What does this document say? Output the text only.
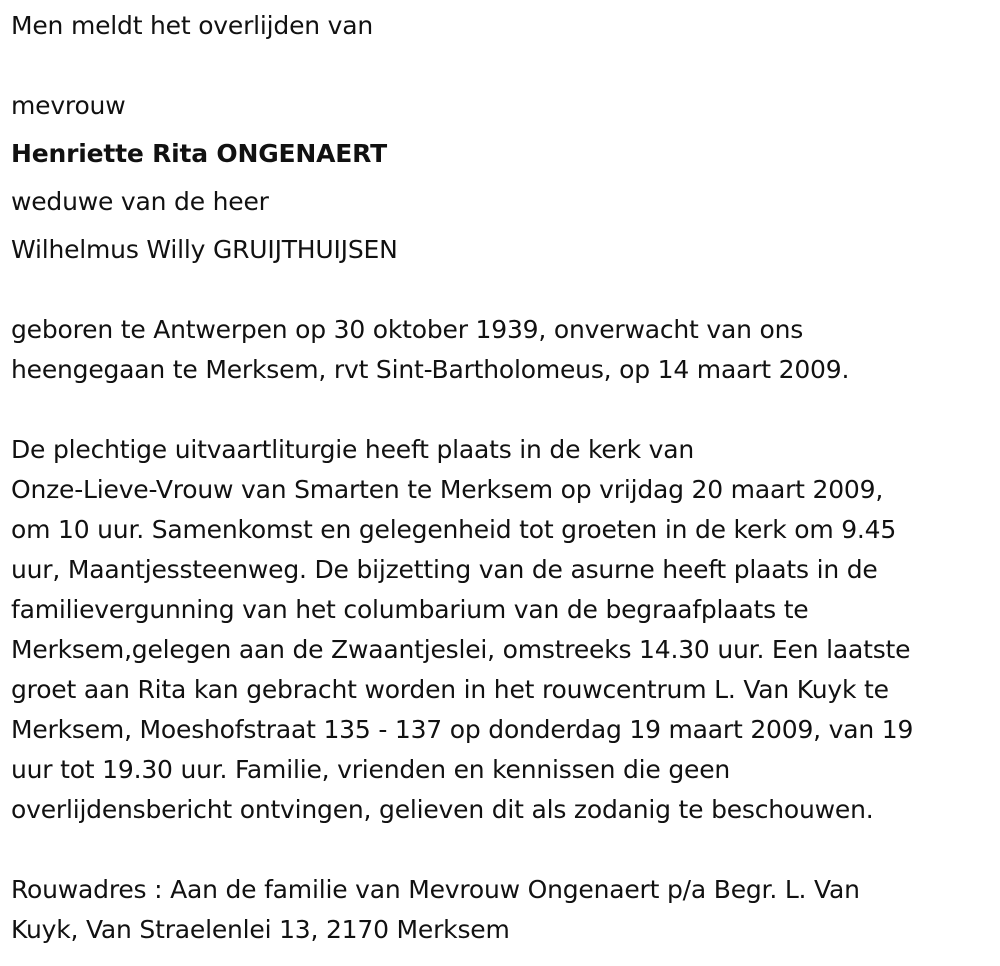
Men meldt het overlijden van
mevrouw
Henriette Rita ONGENAERT
weduwe van de heer
Wilhelmus Willy GRUIJTHUIJSEN
geboren te Antwerpen op 30 oktober 1939, onverwacht van ons
heengegaan te Merksem, rvt Sint-Bartholomeus, op 14 maart 2009.
De plechtige uitvaartliturgie heeft plaats in de kerk van
Onze-Lieve-Vrouw van Smarten te Merksem op vrijdag 20 maart 2009,
om 10 uur. Samenkomst en gelegenheid tot groeten in de kerk om 9.45
uur, Maantjessteenweg. De bijzetting van de asurne heeft plaats in de
familievergunning van het columbarium van de begraafplaats te
Merksem,gelegen aan de Zwaantjeslei, omstreeks 14.30 uur. Een laatste
groet aan Rita kan gebracht worden in het rouwcentrum L. Van Kuyk te
Merksem, Moeshofstraat 135 - 137 op donderdag 19 maart 2009, van 19
uur tot 19.30 uur. Familie, vrienden en kennissen die geen
overlijdensbericht ontvingen, gelieven dit als zodanig te beschouwen.
Rouwadres : Aan de familie van Mevrouw Ongenaert p/a Begr. L. Van
Kuyk, Van Straelenlei 13, 2170 Merksem
